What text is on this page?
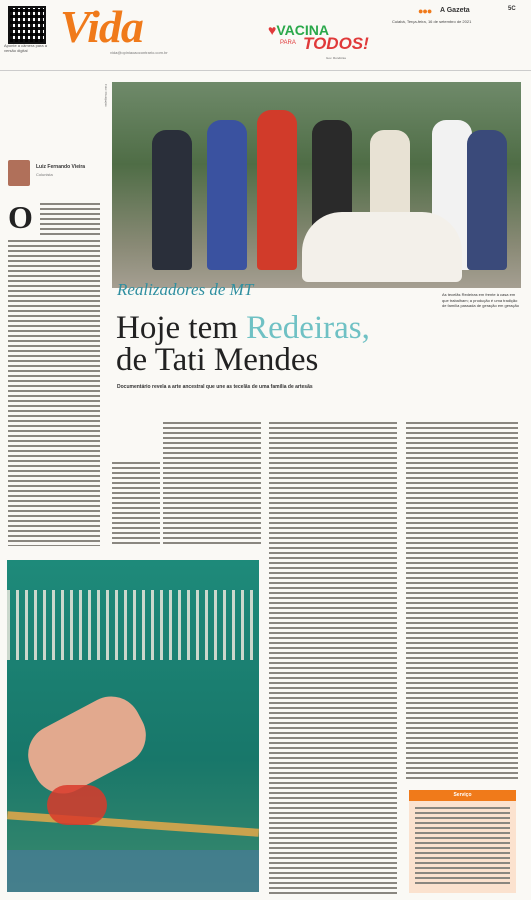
Aponte a câmera para a versão digital Vida
vida@opiniaoaocontrario.com.br
♥VACINA
PARA TODOS!
Gov. Rondônia
●●● A Gazeta	5C
Cuiabá, Terça-feira, 16 de setembro de 2021
Luiz Fernando Vieira
Colunista
O
Foto: Divulgação
Realizadores de MT
Hoje tem Redeiras,
de Tati Mendes
Documentário revela a arte ancestral que une as tecelãs de uma família de artesãs
As tecelãs Redeiras em frente à casa em que trabalham; a produção é uma tradição de família passada de geração em geração
Serviço
